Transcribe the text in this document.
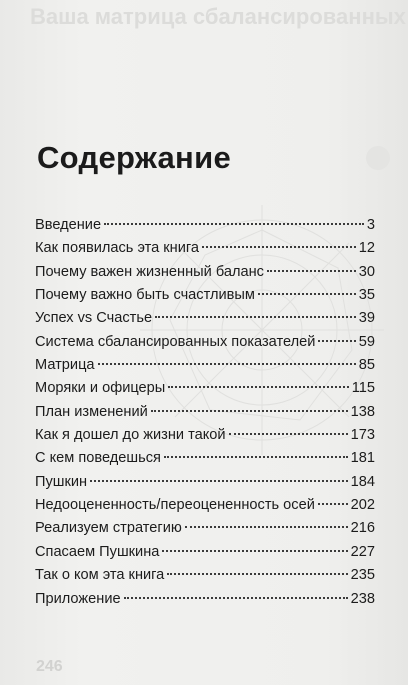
Ваша матрица сбалансированных
Содержание
Введение	3
Как появилась эта книга	12
Почему важен жизненный баланс	30
Почему важно быть счастливым	35
Успех vs Счастье	39
Система сбалансированных показателей	59
Матрица	85
Моряки и офицеры	115
План изменений	138
Как я дошел до жизни такой	173
С кем поведешься	181
Пушкин	184
Недооцененность/переоцененность осей 202
Реализуем стратегию	216
Спасаем Пушкина	227
Так о ком эта книга	235
Приложение	238
246
